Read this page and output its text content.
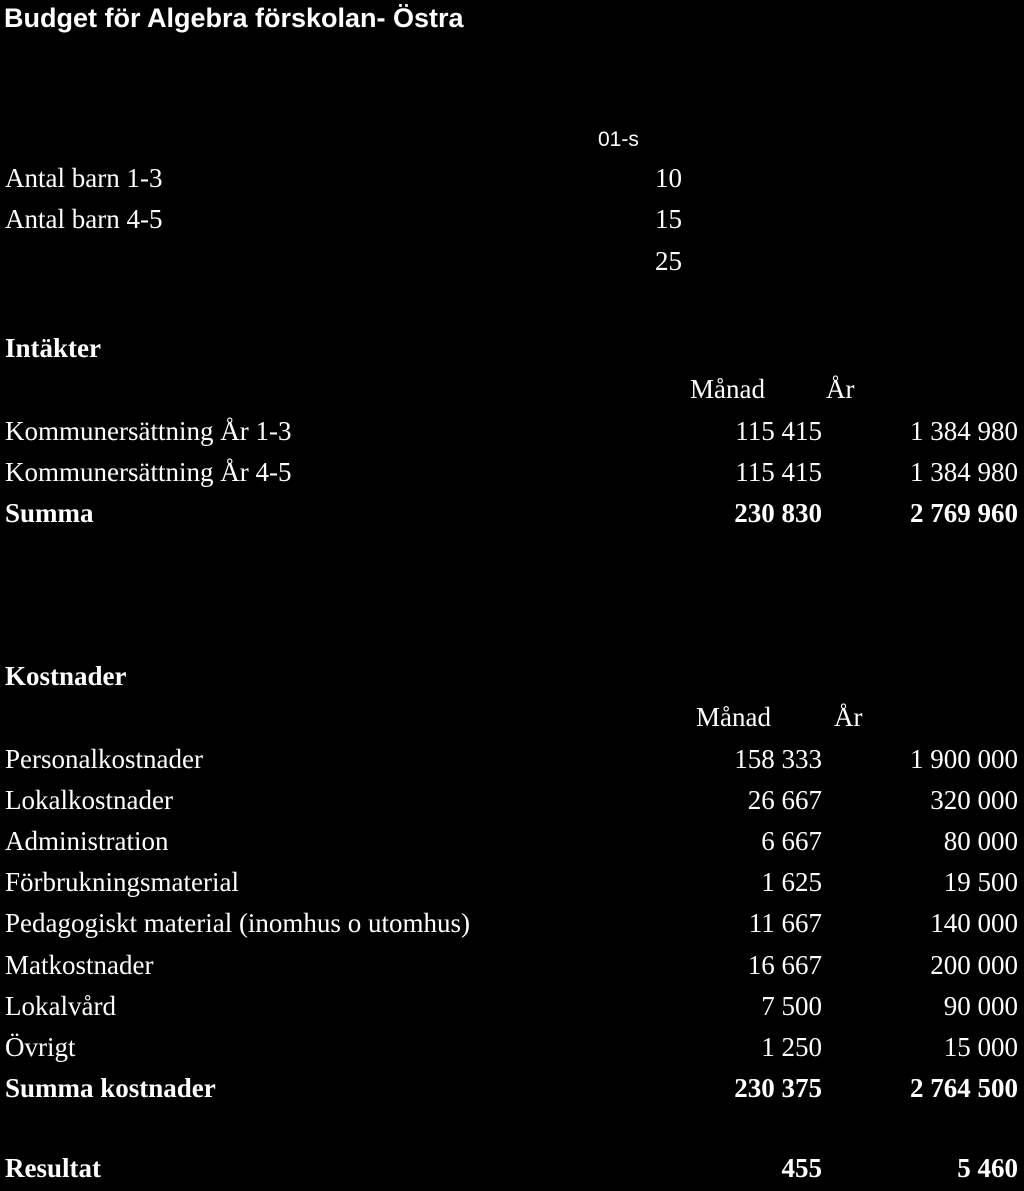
Budget för Algebra förskolan- Östra
01-s
Antal barn 1-3	10
Antal barn 4-5	15
25
Intäkter
Månad År
Kommunersättning År 1-3	115 415	1 384 980
Kommunersättning År 4-5	115 415	1 384 980
Summa	230 830	2 769 960
Kostnader
Månad År
Personalkostnader	158 333	1 900 000
Lokalkostnader	26 667	320 000
Administration	6 667	80 000
Förbrukningsmaterial	1 625	19 500
Pedagogiskt material (inomhus o utomhus)	11 667	140 000
Matkostnader	16 667	200 000
Lokalvård	7 500	90 000
Övrigt	1 250	15 000
Summa kostnader	230 375	2 764 500
Resultat	455	5 460
